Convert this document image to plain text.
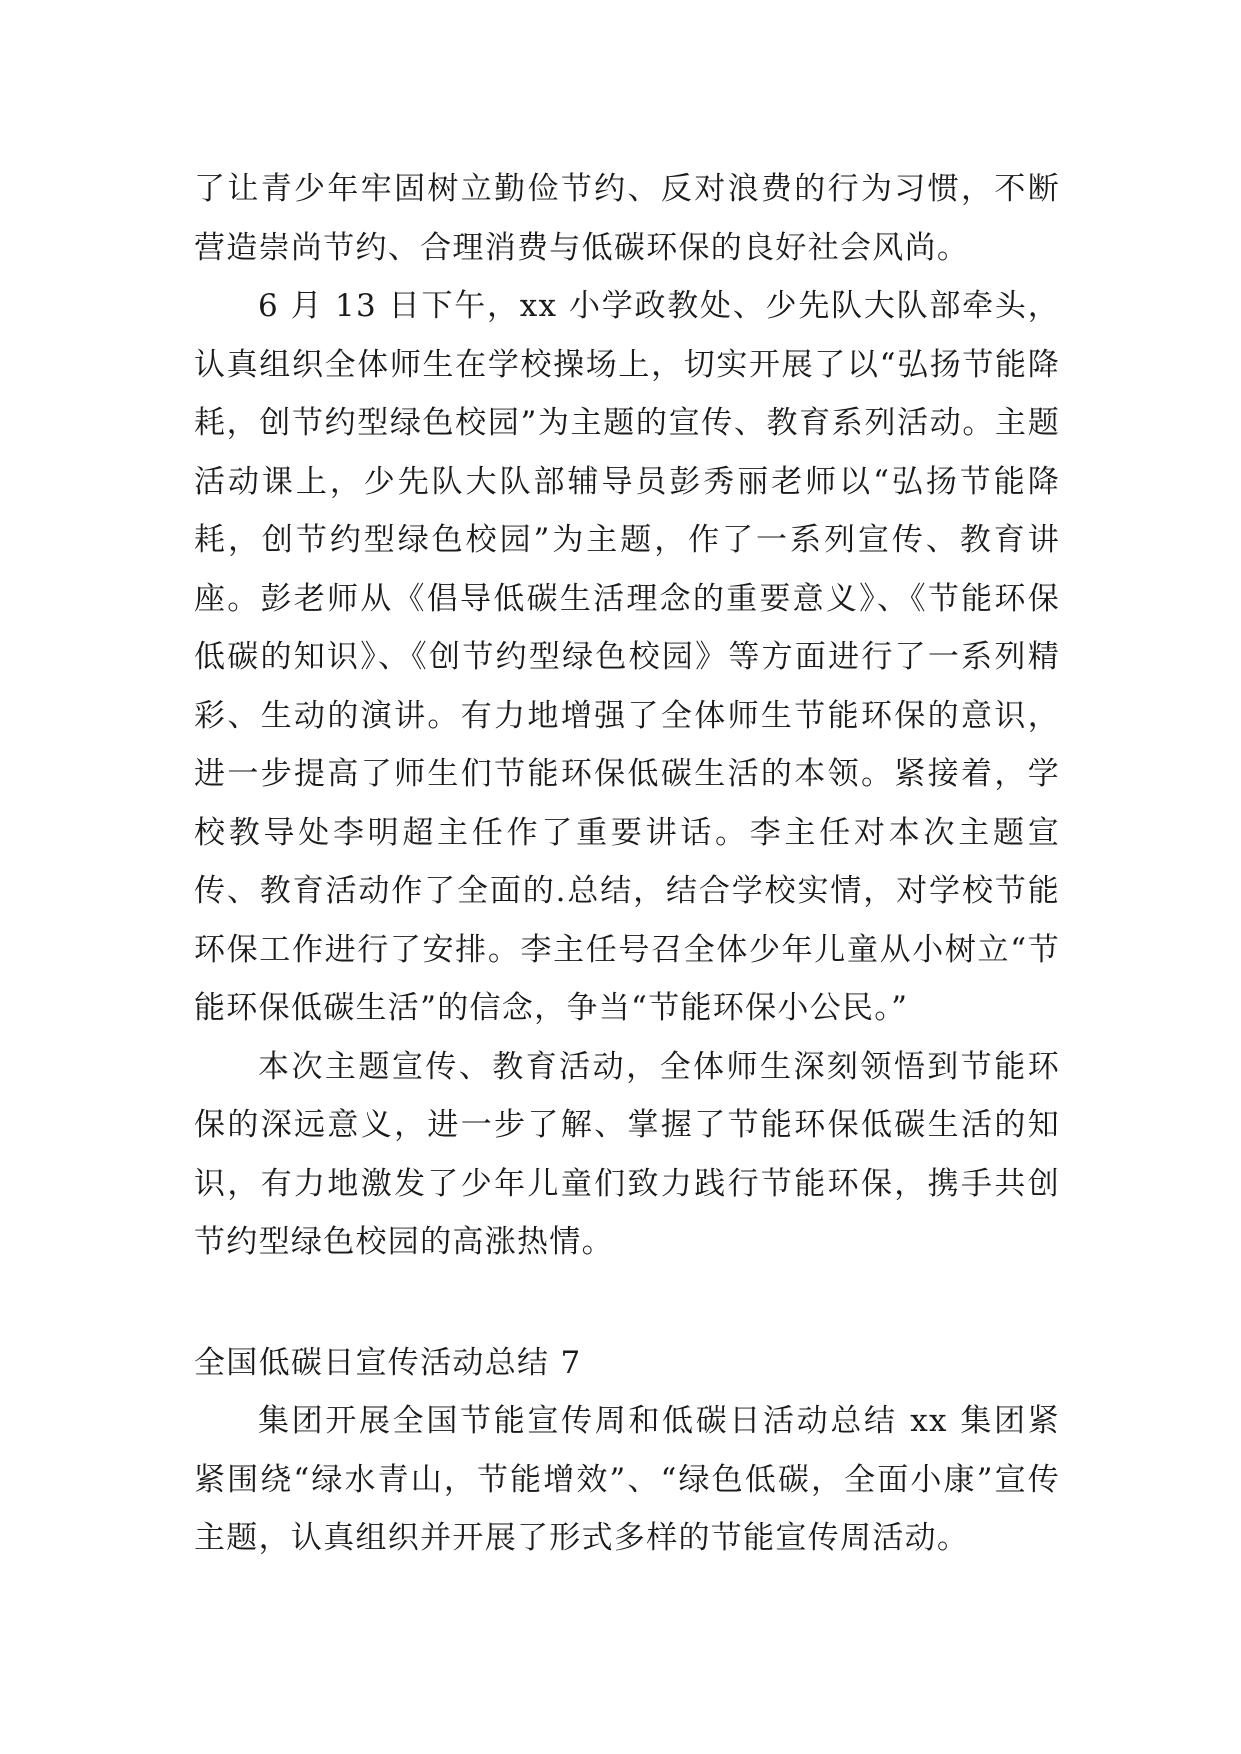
了让青少年牢固树立勤俭节约、反对浪费的行为习惯，不断营造崇尚节约、合理消费与低碳环保的良好社会风尚。

6 月 13 日下午，xx 小学政教处、少先队大队部牵头，认真组织全体师生在学校操场上，切实开展了以“弘扬节能降耗，创节约型绿色校园”为主题的宣传、教育系列活动。主题活动课上，少先队大队部辅导员彭秀丽老师以“弘扬节能降耗，创节约型绿色校园”为主题，作了一系列宣传、教育讲座。彭老师从《倡导低碳生活理念的重要意义》、《节能环保低碳的知识》、《创节约型绿色校园》等方面进行了一系列精彩、生动的演讲。有力地增强了全体师生节能环保的意识，进一步提高了师生们节能环保低碳生活的本领。紧接着，学校教导处李明超主任作了重要讲话。李主任对本次主题宣传、教育活动作了全面的.总结，结合学校实情，对学校节能环保工作进行了安排。李主任号召全体少年儿童从小树立“节能环保低碳生活”的信念，争当“节能环保小公民。”

本次主题宣传、教育活动，全体师生深刻领悟到节能环保的深远意义，进一步了解、掌握了节能环保低碳生活的知识，有力地激发了少年儿童们致力践行节能环保，携手共创节约型绿色校园的高涨热情。

全国低碳日宣传活动总结 7

集团开展全国节能宣传周和低碳日活动总结 xx 集团紧紧围绕“绿水青山，节能增效”、“绿色低碳，全面小康”宣传主题，认真组织并开展了形式多样的节能宣传周活动。
